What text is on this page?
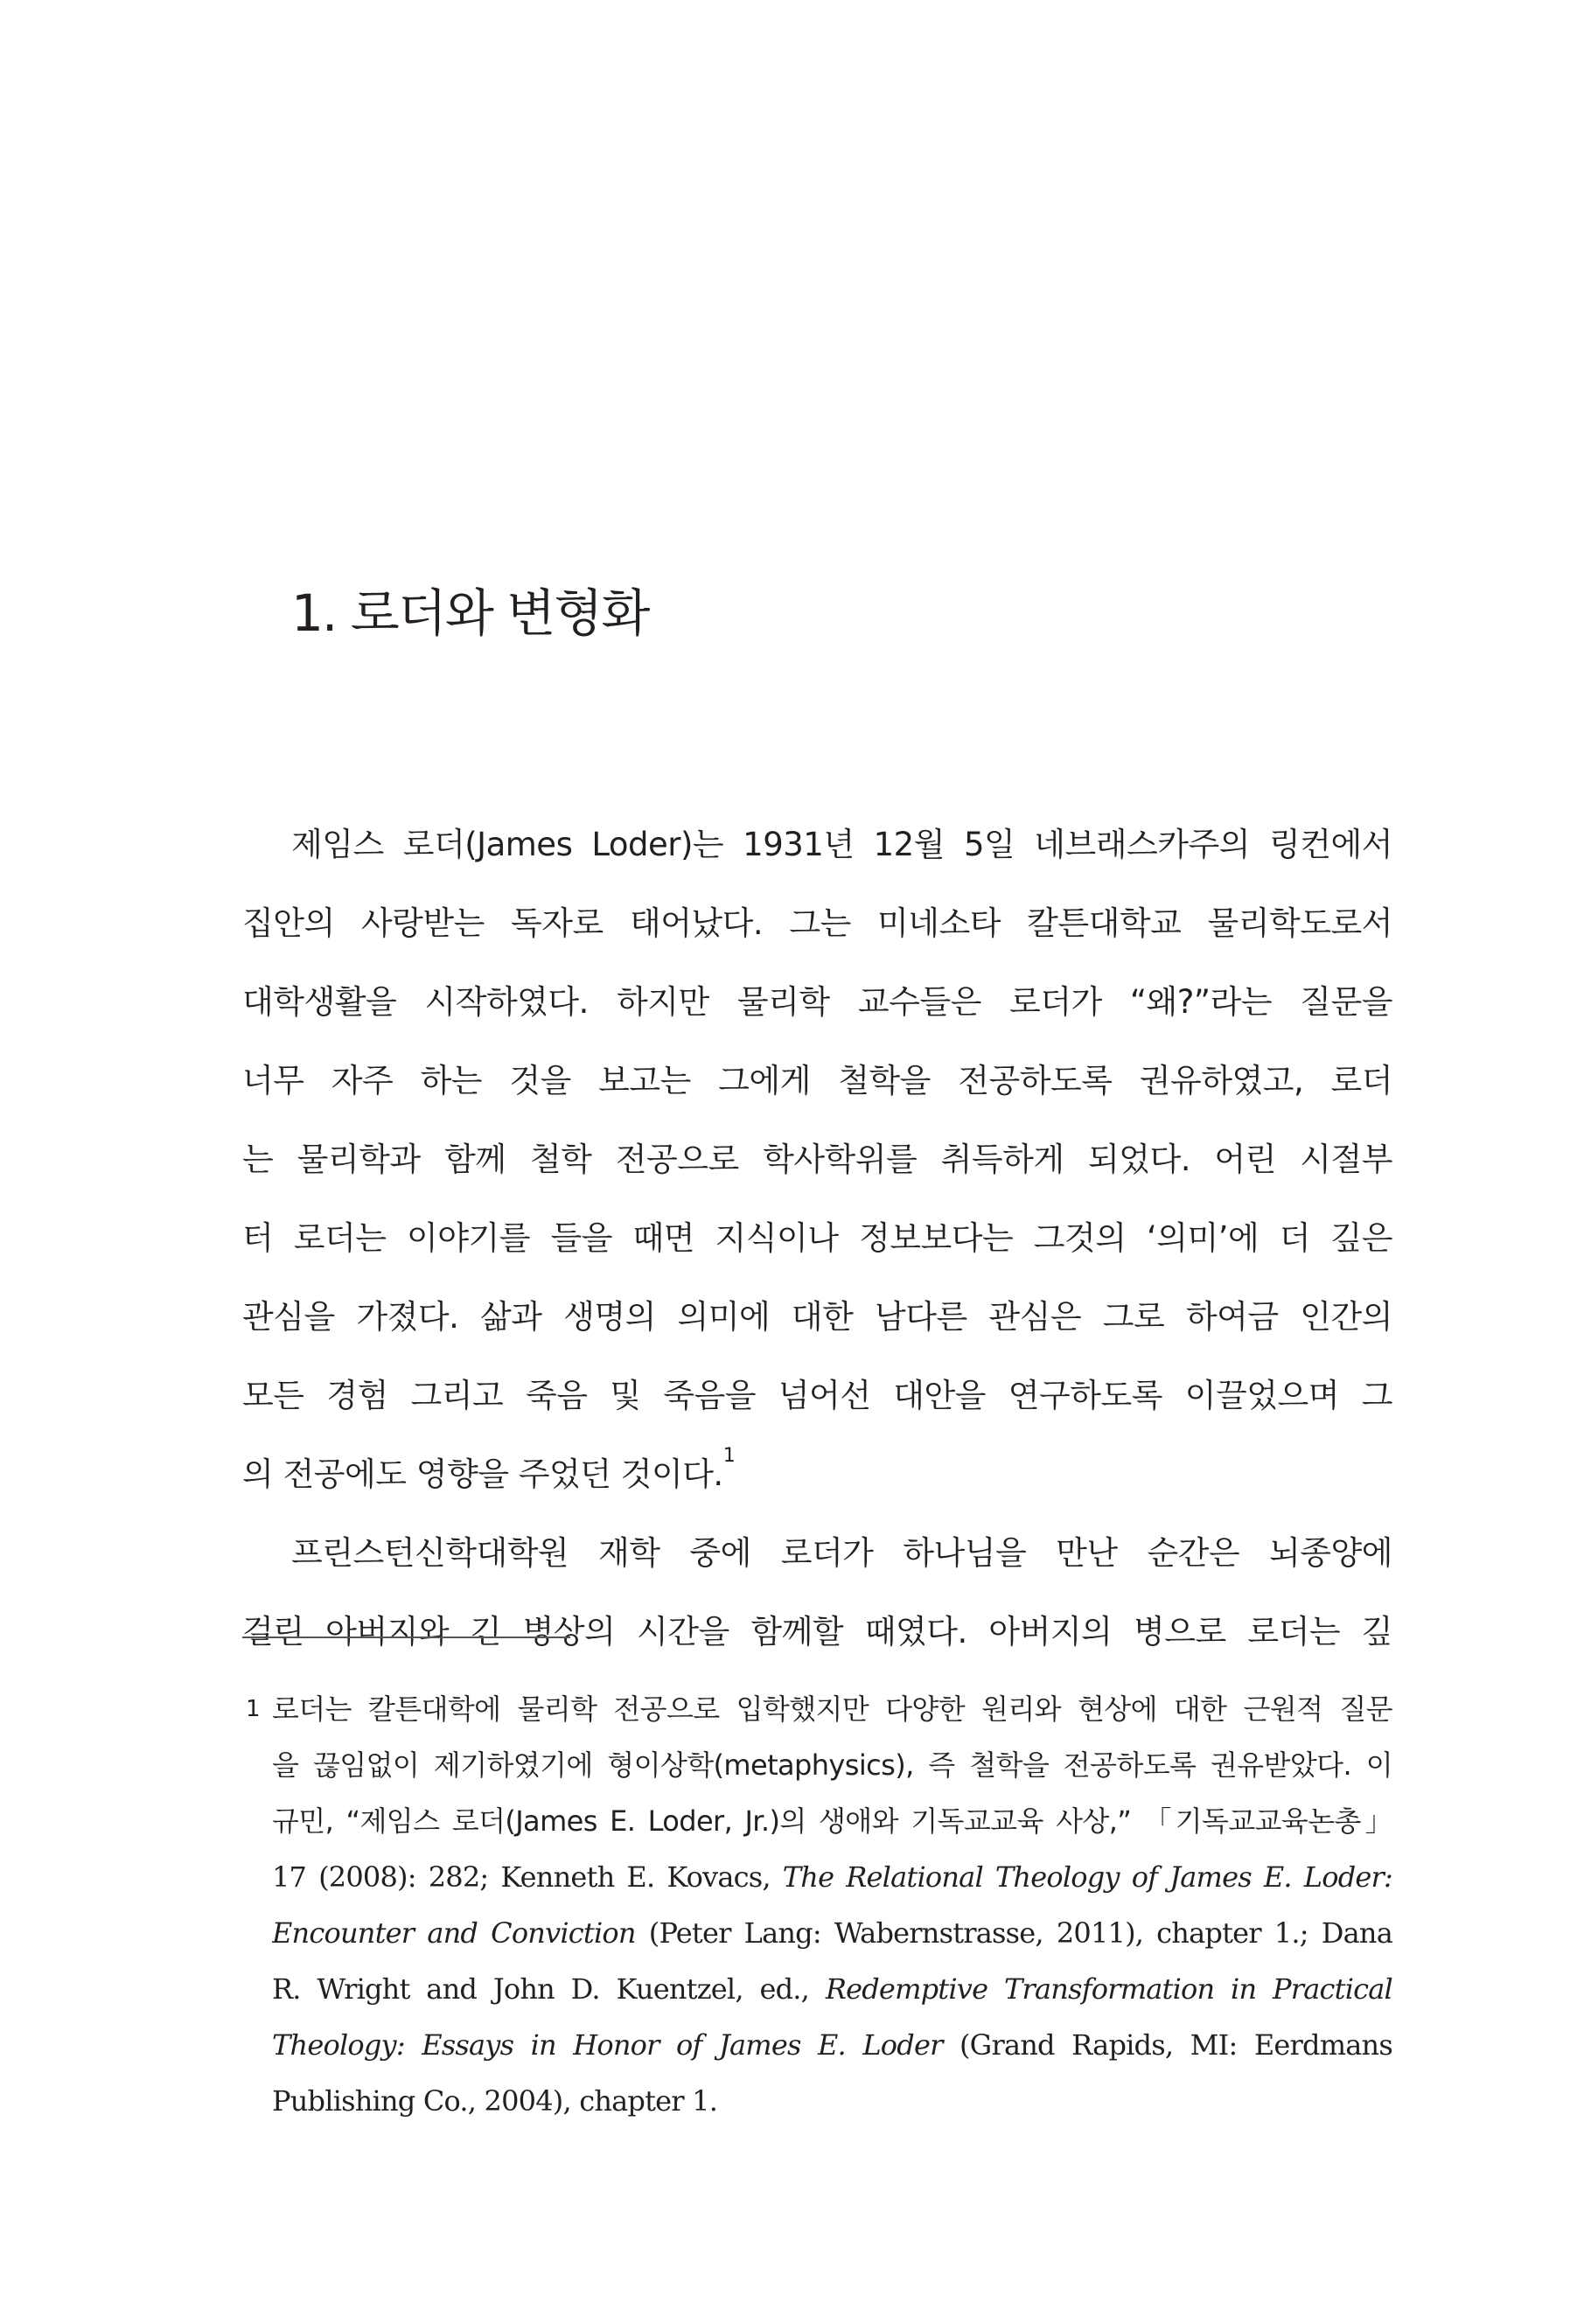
1. 로더와 변형화
제임스 로더(James Loder)는 1931년 12월 5일 네브래스카주의 링컨에서
집안의 사랑받는 독자로 태어났다. 그는 미네소타 칼튼대학교 물리학도로서
대학생활을 시작하였다. 하지만 물리학 교수들은 로더가 “왜?”라는 질문을
너무 자주 하는 것을 보고는 그에게 철학을 전공하도록 권유하였고, 로더
는 물리학과 함께 철학 전공으로 학사학위를 취득하게 되었다. 어린 시절부
터 로더는 이야기를 들을 때면 지식이나 정보보다는 그것의 ‘의미’에 더 깊은
관심을 가졌다. 삶과 생명의 의미에 대한 남다른 관심은 그로 하여금 인간의
모든 경험 그리고 죽음 및 죽음을 넘어선 대안을 연구하도록 이끌었으며 그
의 전공에도 영향을 주었던 것이다.$^1$
프린스턴신학대학원 재학 중에 로더가 하나님을 만난 순간은 뇌종양에
걸린 아버지와 긴 병상의 시간을 함께할 때였다. 아버지의 병으로 로더는 깊
1 로더는 칼튼대학에 물리학 전공으로 입학했지만 다양한 원리와 현상에 대한 근원적 질문
을 끊임없이 제기하였기에 형이상학(metaphysics), 즉 철학을 전공하도록 권유받았다. 이
규민, “제임스 로더(James E. Loder, Jr.)의 생애와 기독교교육 사상,” 「기독교교육논총」
17 (2008): 282; Kenneth E. Kovacs, The Relational Theology of James E. Loder:
Encounter and Conviction (Peter Lang: Wabernstrasse, 2011), chapter 1.; Dana
R. Wright and John D. Kuentzel, ed., Redemptive Transformation in Practical
Theology: Essays in Honor of James E. Loder (Grand Rapids, MI: Eerdmans
Publishing Co., 2004), chapter 1.
